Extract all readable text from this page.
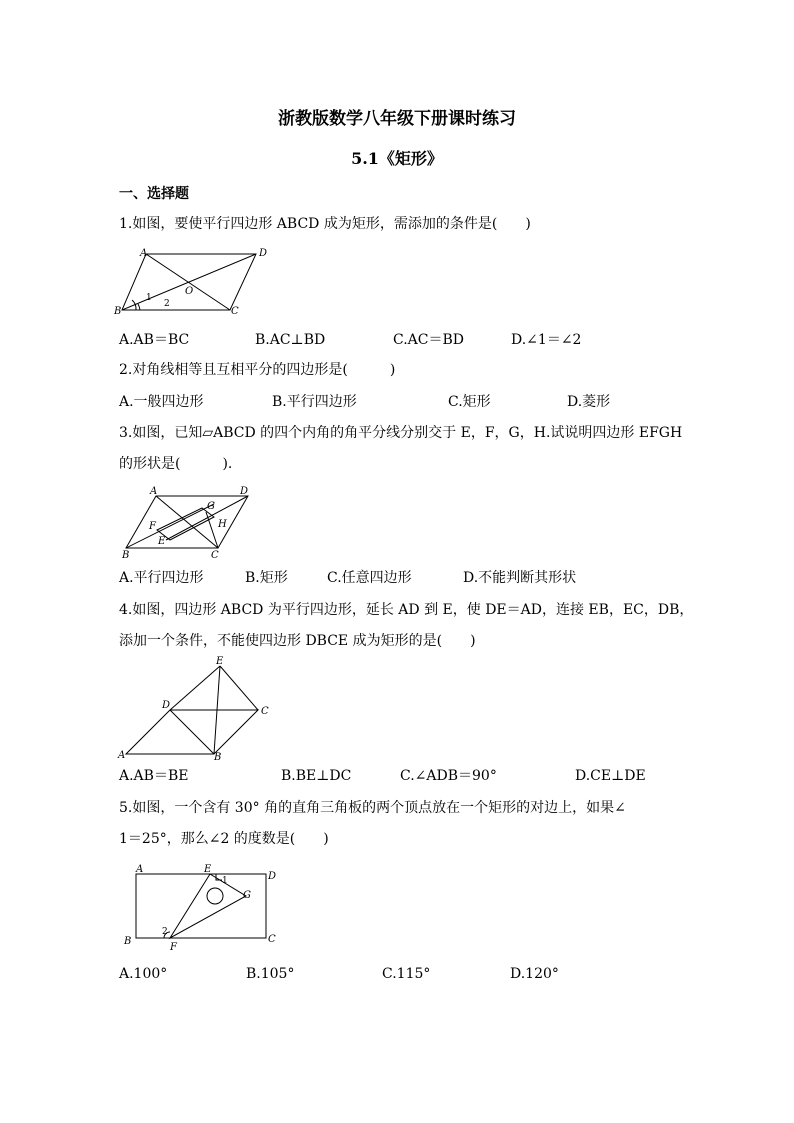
浙教版数学八年级下册课时练习
5.1《矩形》
一、选择题
1.如图，要使平行四边形 ABCD 成为矩形，需添加的条件是(　　)
A	D
O
B	C
1
2
A.AB＝BC	B.AC⊥BD	C.AC＝BD	D.∠1＝∠2
2.对角线相等且互相平分的四边形是(　　　)
A.一般四边形	B.平行四边形	C.矩形	D.菱形
3.如图，已知▱ABCD 的四个内角的角平分线分别交于 E，F，G，H.试说明四边形 EFGH
的形状是(　　　).
A	D
G
F	H
E
B	C
A.平行四边形	B.矩形	C.任意四边形	D.不能判断其形状
4.如图，四边形 ABCD 为平行四边形，延长 AD 到 E，使 DE＝AD，连接 EB，EC，DB，
添加一个条件，不能使四边形 DBCE 成为矩形的是(　　)
E
D
C
A	B
A.AB＝BE	B.BE⊥DC	C.∠ADB＝90°	D.CE⊥DE
5.如图，一个含有 30° 角的直角三角板的两个顶点放在一个矩形的对边上，如果∠
1＝25°，那么∠2 的度数是(　　)
A	E
1	D
G
2
B
F
C
A.100°	B.105°	C.115°	D.120°
